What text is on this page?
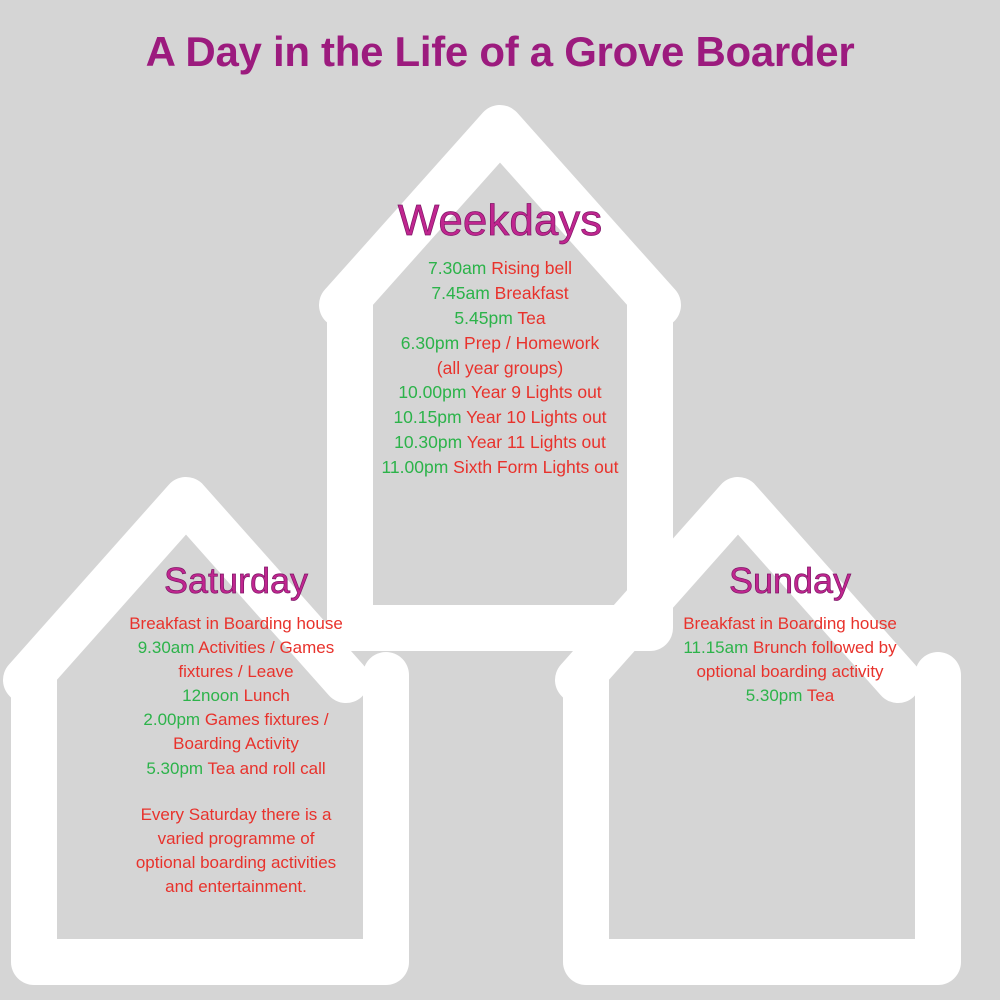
A Day in the Life of a Grove Boarder
Weekdays
7.30am Rising bell
7.45am Breakfast
5.45pm Tea
6.30pm Prep / Homework
(all year groups)
10.00pm Year 9 Lights out
10.15pm Year 10 Lights out
10.30pm Year 11 Lights out
11.00pm Sixth Form Lights out
Saturday
Breakfast in Boarding house
9.30am Activities / Games
fixtures / Leave
12noon Lunch
2.00pm Games fixtures /
Boarding Activity
5.30pm Tea and roll call
Every Saturday there is a
varied programme of
optional boarding activities
and entertainment.
Sunday
Breakfast in Boarding house
11.15am Brunch followed by
optional boarding activity
5.30pm Tea
